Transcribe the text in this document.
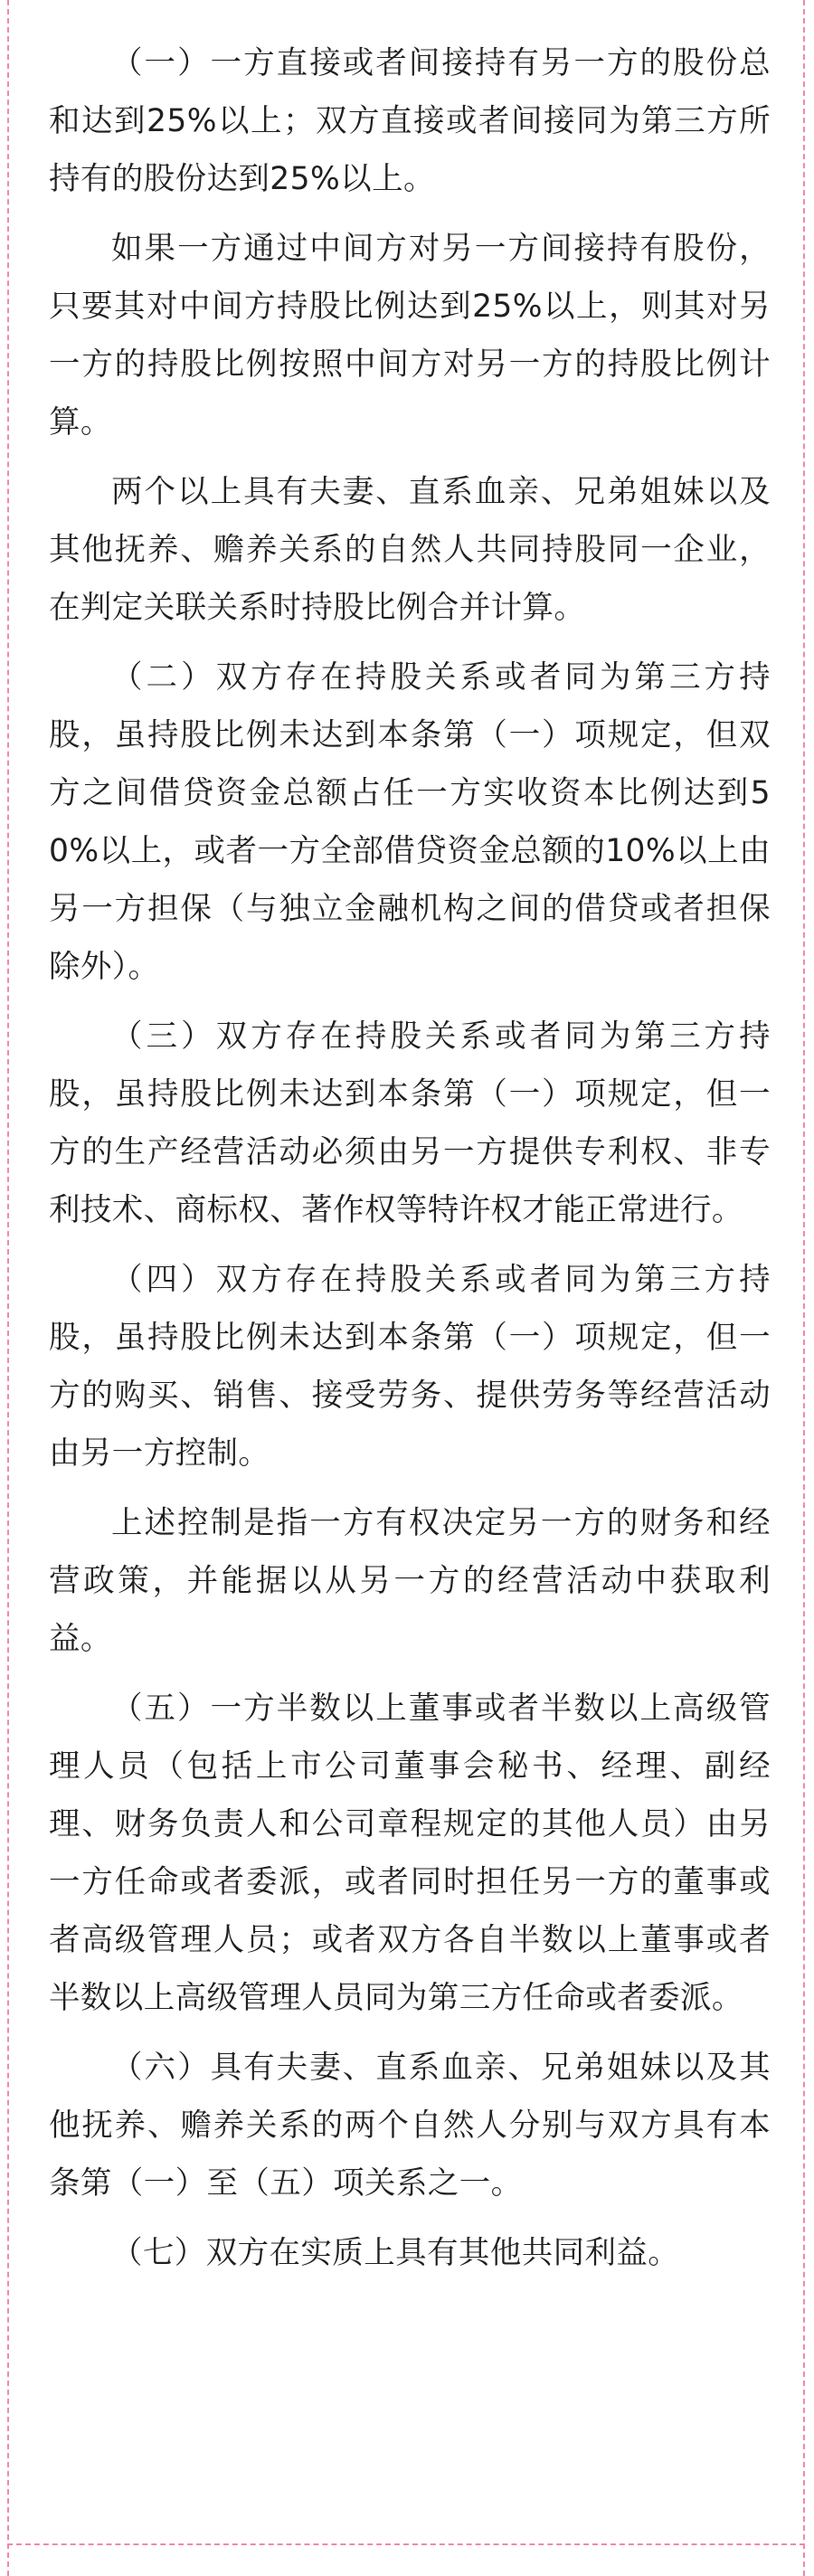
（一）一方直接或者间接持有另一方的股份总和达到25%以上；双方直接或者间接同为第三方所持有的股份达到25%以上。

如果一方通过中间方对另一方间接持有股份，只要其对中间方持股比例达到25%以上，则其对另一方的持股比例按照中间方对另一方的持股比例计算。

两个以上具有夫妻、直系血亲、兄弟姐妹以及其他抚养、赡养关系的自然人共同持股同一企业，在判定关联关系时持股比例合并计算。

（二）双方存在持股关系或者同为第三方持股，虽持股比例未达到本条第（一）项规定，但双方之间借贷资金总额占任一方实收资本比例达到50%以上，或者一方全部借贷资金总额的10%以上由另一方担保（与独立金融机构之间的借贷或者担保除外）。

（三）双方存在持股关系或者同为第三方持股，虽持股比例未达到本条第（一）项规定，但一方的生产经营活动必须由另一方提供专利权、非专利技术、商标权、著作权等特许权才能正常进行。

（四）双方存在持股关系或者同为第三方持股，虽持股比例未达到本条第（一）项规定，但一方的购买、销售、接受劳务、提供劳务等经营活动由另一方控制。

上述控制是指一方有权决定另一方的财务和经营政策，并能据以从另一方的经营活动中获取利益。

（五）一方半数以上董事或者半数以上高级管理人员（包括上市公司董事会秘书、经理、副经理、财务负责人和公司章程规定的其他人员）由另一方任命或者委派，或者同时担任另一方的董事或者高级管理人员；或者双方各自半数以上董事或者半数以上高级管理人员同为第三方任命或者委派。

（六）具有夫妻、直系血亲、兄弟姐妹以及其他抚养、赡养关系的两个自然人分别与双方具有本条第（一）至（五）项关系之一。

（七）双方在实质上具有其他共同利益。
